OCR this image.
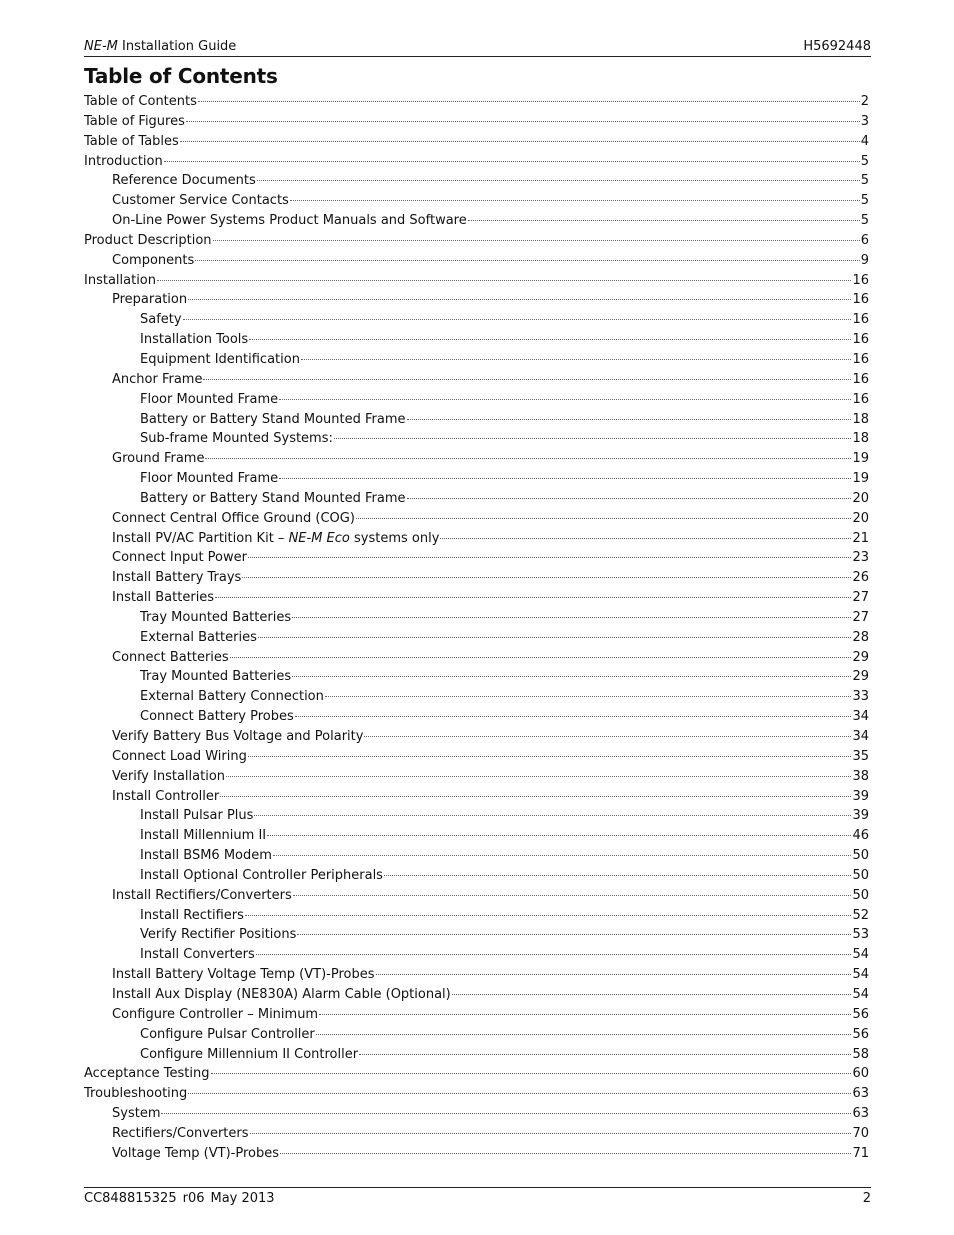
NE-M Installation Guide	H5692448
Table of Contents
Table of Contents	2
Table of Figures	3
Table of Tables	4
Introduction	5
Reference Documents	5
Customer Service Contacts	5
On-Line Power Systems Product Manuals and Software	5
Product Description	6
Components	9
Installation	16
Preparation	16
Safety	16
Installation Tools	16
Equipment Identification	16
Anchor Frame	16
Floor Mounted Frame	16
Battery or Battery Stand Mounted Frame	18
Sub-frame Mounted Systems:	18
Ground Frame	19
Floor Mounted Frame	19
Battery or Battery Stand Mounted Frame	20
Connect Central Office Ground (COG)	20
Install PV/AC Partition Kit – NE-M Eco systems only	21
Connect Input Power	23
Install Battery Trays	26
Install Batteries	27
Tray Mounted Batteries	27
External Batteries	28
Connect Batteries	29
Tray Mounted Batteries	29
External Battery Connection	33
Connect Battery Probes	34
Verify Battery Bus Voltage and Polarity	34
Connect Load Wiring	35
Verify Installation	38
Install Controller	39
Install Pulsar Plus	39
Install Millennium II	46
Install BSM6 Modem	50
Install Optional Controller Peripherals	50
Install Rectifiers/Converters	50
Install Rectifiers	52
Verify Rectifier Positions	53
Install Converters	54
Install Battery Voltage Temp (VT)-Probes	54
Install Aux Display (NE830A) Alarm Cable (Optional)	54
Configure Controller – Minimum	56
Configure Pulsar Controller	56
Configure Millennium II Controller	58
Acceptance Testing	60
Troubleshooting	63
System	63
Rectifiers/Converters	70
Voltage Temp (VT)-Probes	71
CC848815325 r06 May 2013	2
